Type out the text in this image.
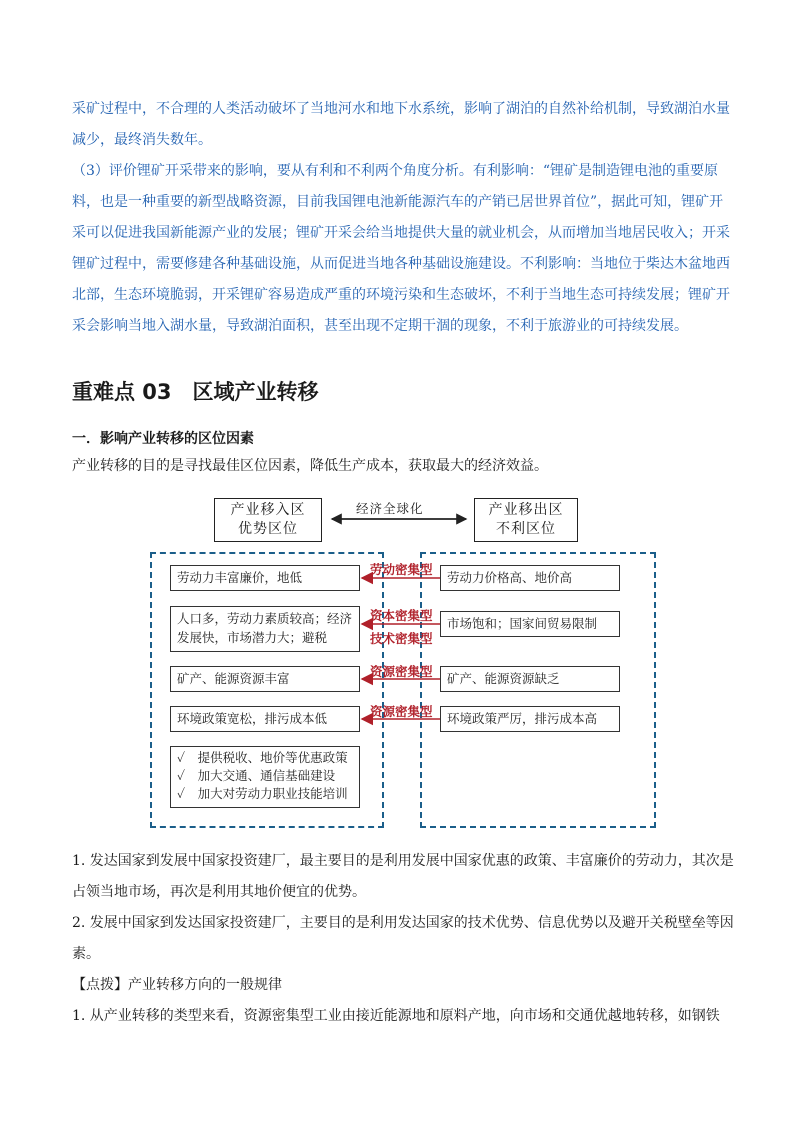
采矿过程中，不合理的人类活动破坏了当地河水和地下水系统，影响了湖泊的自然补给机制，导致湖泊水量减少，最终消失数年。

（3）评价锂矿开采带来的影响，要从有利和不利两个角度分析。有利影响：“锂矿是制造锂电池的重要原料，也是一种重要的新型战略资源，目前我国锂电池新能源汽车的产销已居世界首位”，据此可知，锂矿开采可以促进我国新能源产业的发展；锂矿开采会给当地提供大量的就业机会，从而增加当地居民收入；开采锂矿过程中，需要修建各种基础设施，从而促进当地各种基础设施建设。不利影响：当地位于柴达木盆地西北部，生态环境脆弱，开采锂矿容易造成严重的环境污染和生态破坏，不利于当地生态可持续发展；锂矿开采会影响当地入湖水量，导致湖泊面积，甚至出现不定期干涸的现象，不利于旅游业的可持续发展。

重难点 03　区域产业转移
一．影响产业转移的区位因素

产业转移的目的是寻找最佳区位因素，降低生产成本，获取最大的经济效益。

产业移入区
优势区位
产业移出区
不利区位
经济全球化
劳动力丰富廉价，地低
人口多，劳动力素质较高；经济发展快，市场潜力大；避税
矿产、能源资源丰富
环境政策宽松，排污成本低
✓　提供税收、地价等优惠政策
✓　加大交通、通信基础建设
✓　加大对劳动力职业技能培训
劳动力价格高、地价高
市场饱和；国家间贸易限制
矿产、能源资源缺乏
环境政策严厉，排污成本高
劳动密集型
资本密集型
技术密集型
资源密集型
资源密集型

1. 发达国家到发展中国家投资建厂，最主要目的是利用发展中国家优惠的政策、丰富廉价的劳动力，其次是占领当地市场，再次是利用其地价便宜的优势。

2. 发展中国家到发达国家投资建厂，主要目的是利用发达国家的技术优势、信息优势以及避开关税壁垒等因素。

【点拨】产业转移方向的一般规律

1. 从产业转移的类型来看，资源密集型工业由接近能源地和原料产地，向市场和交通优越地转移，如钢铁
